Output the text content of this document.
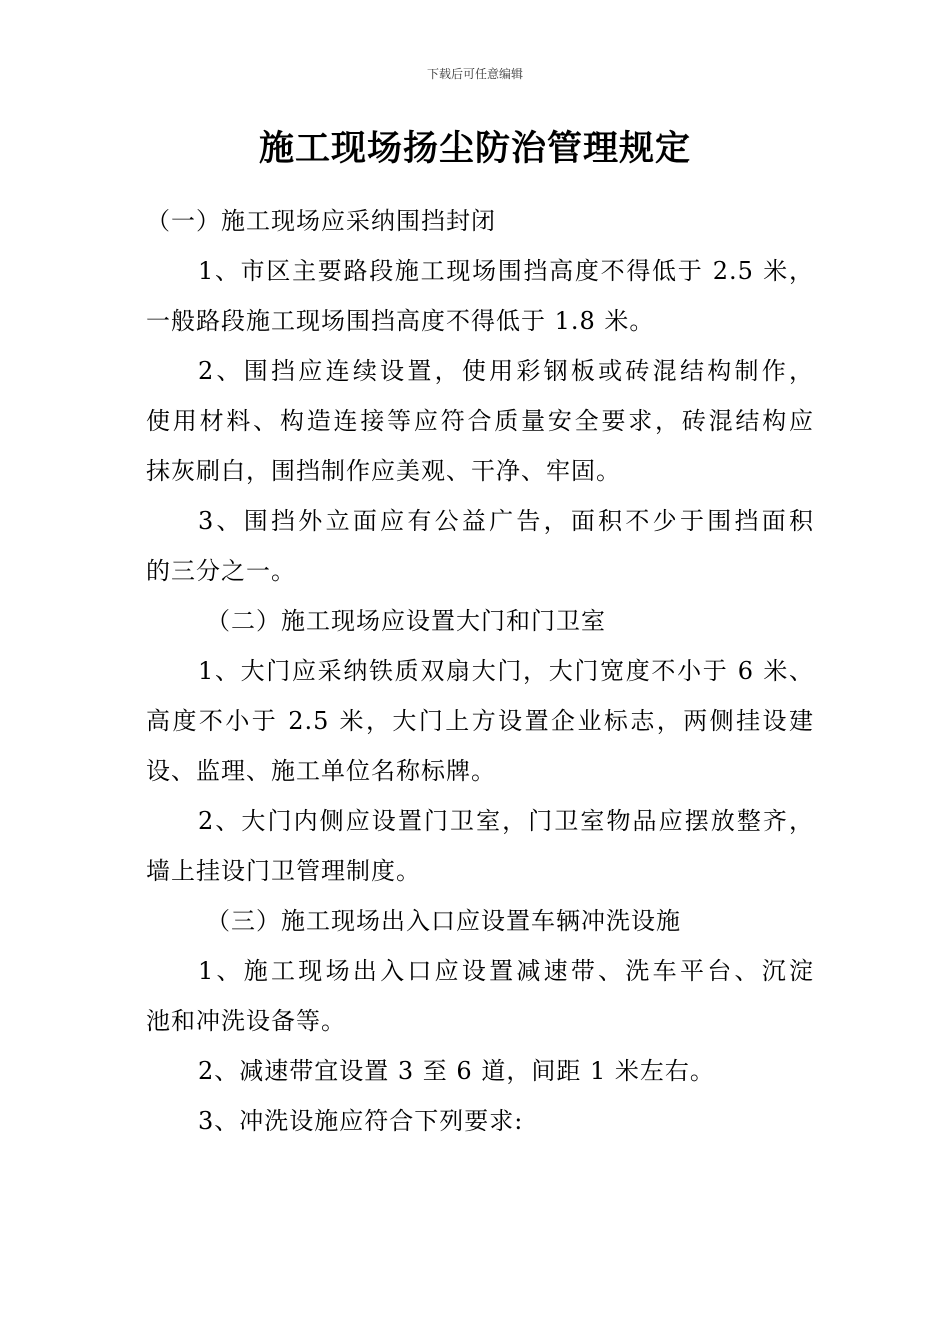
下载后可任意编辑
施工现场扬尘防治管理规定
（一）施工现场应采纳围挡封闭
1、市区主要路段施工现场围挡高度不得低于 2.5 米，
一般路段施工现场围挡高度不得低于 1.8 米。
2、围挡应连续设置，使用彩钢板或砖混结构制作，
使用材料、构造连接等应符合质量安全要求，砖混结构应
抹灰刷白，围挡制作应美观、干净、牢固。
3、围挡外立面应有公益广告，面积不少于围挡面积
的三分之一。
（二）施工现场应设置大门和门卫室
1、大门应采纳铁质双扇大门，大门宽度不小于 6 米、
高度不小于 2.5 米，大门上方设置企业标志，两侧挂设建
设、监理、施工单位名称标牌。
2、大门内侧应设置门卫室，门卫室物品应摆放整齐，
墙上挂设门卫管理制度。
（三）施工现场出入口应设置车辆冲洗设施
1、施工现场出入口应设置减速带、洗车平台、沉淀
池和冲洗设备等。
2、减速带宜设置 3 至 6 道，间距 1 米左右。
3、冲洗设施应符合下列要求:
